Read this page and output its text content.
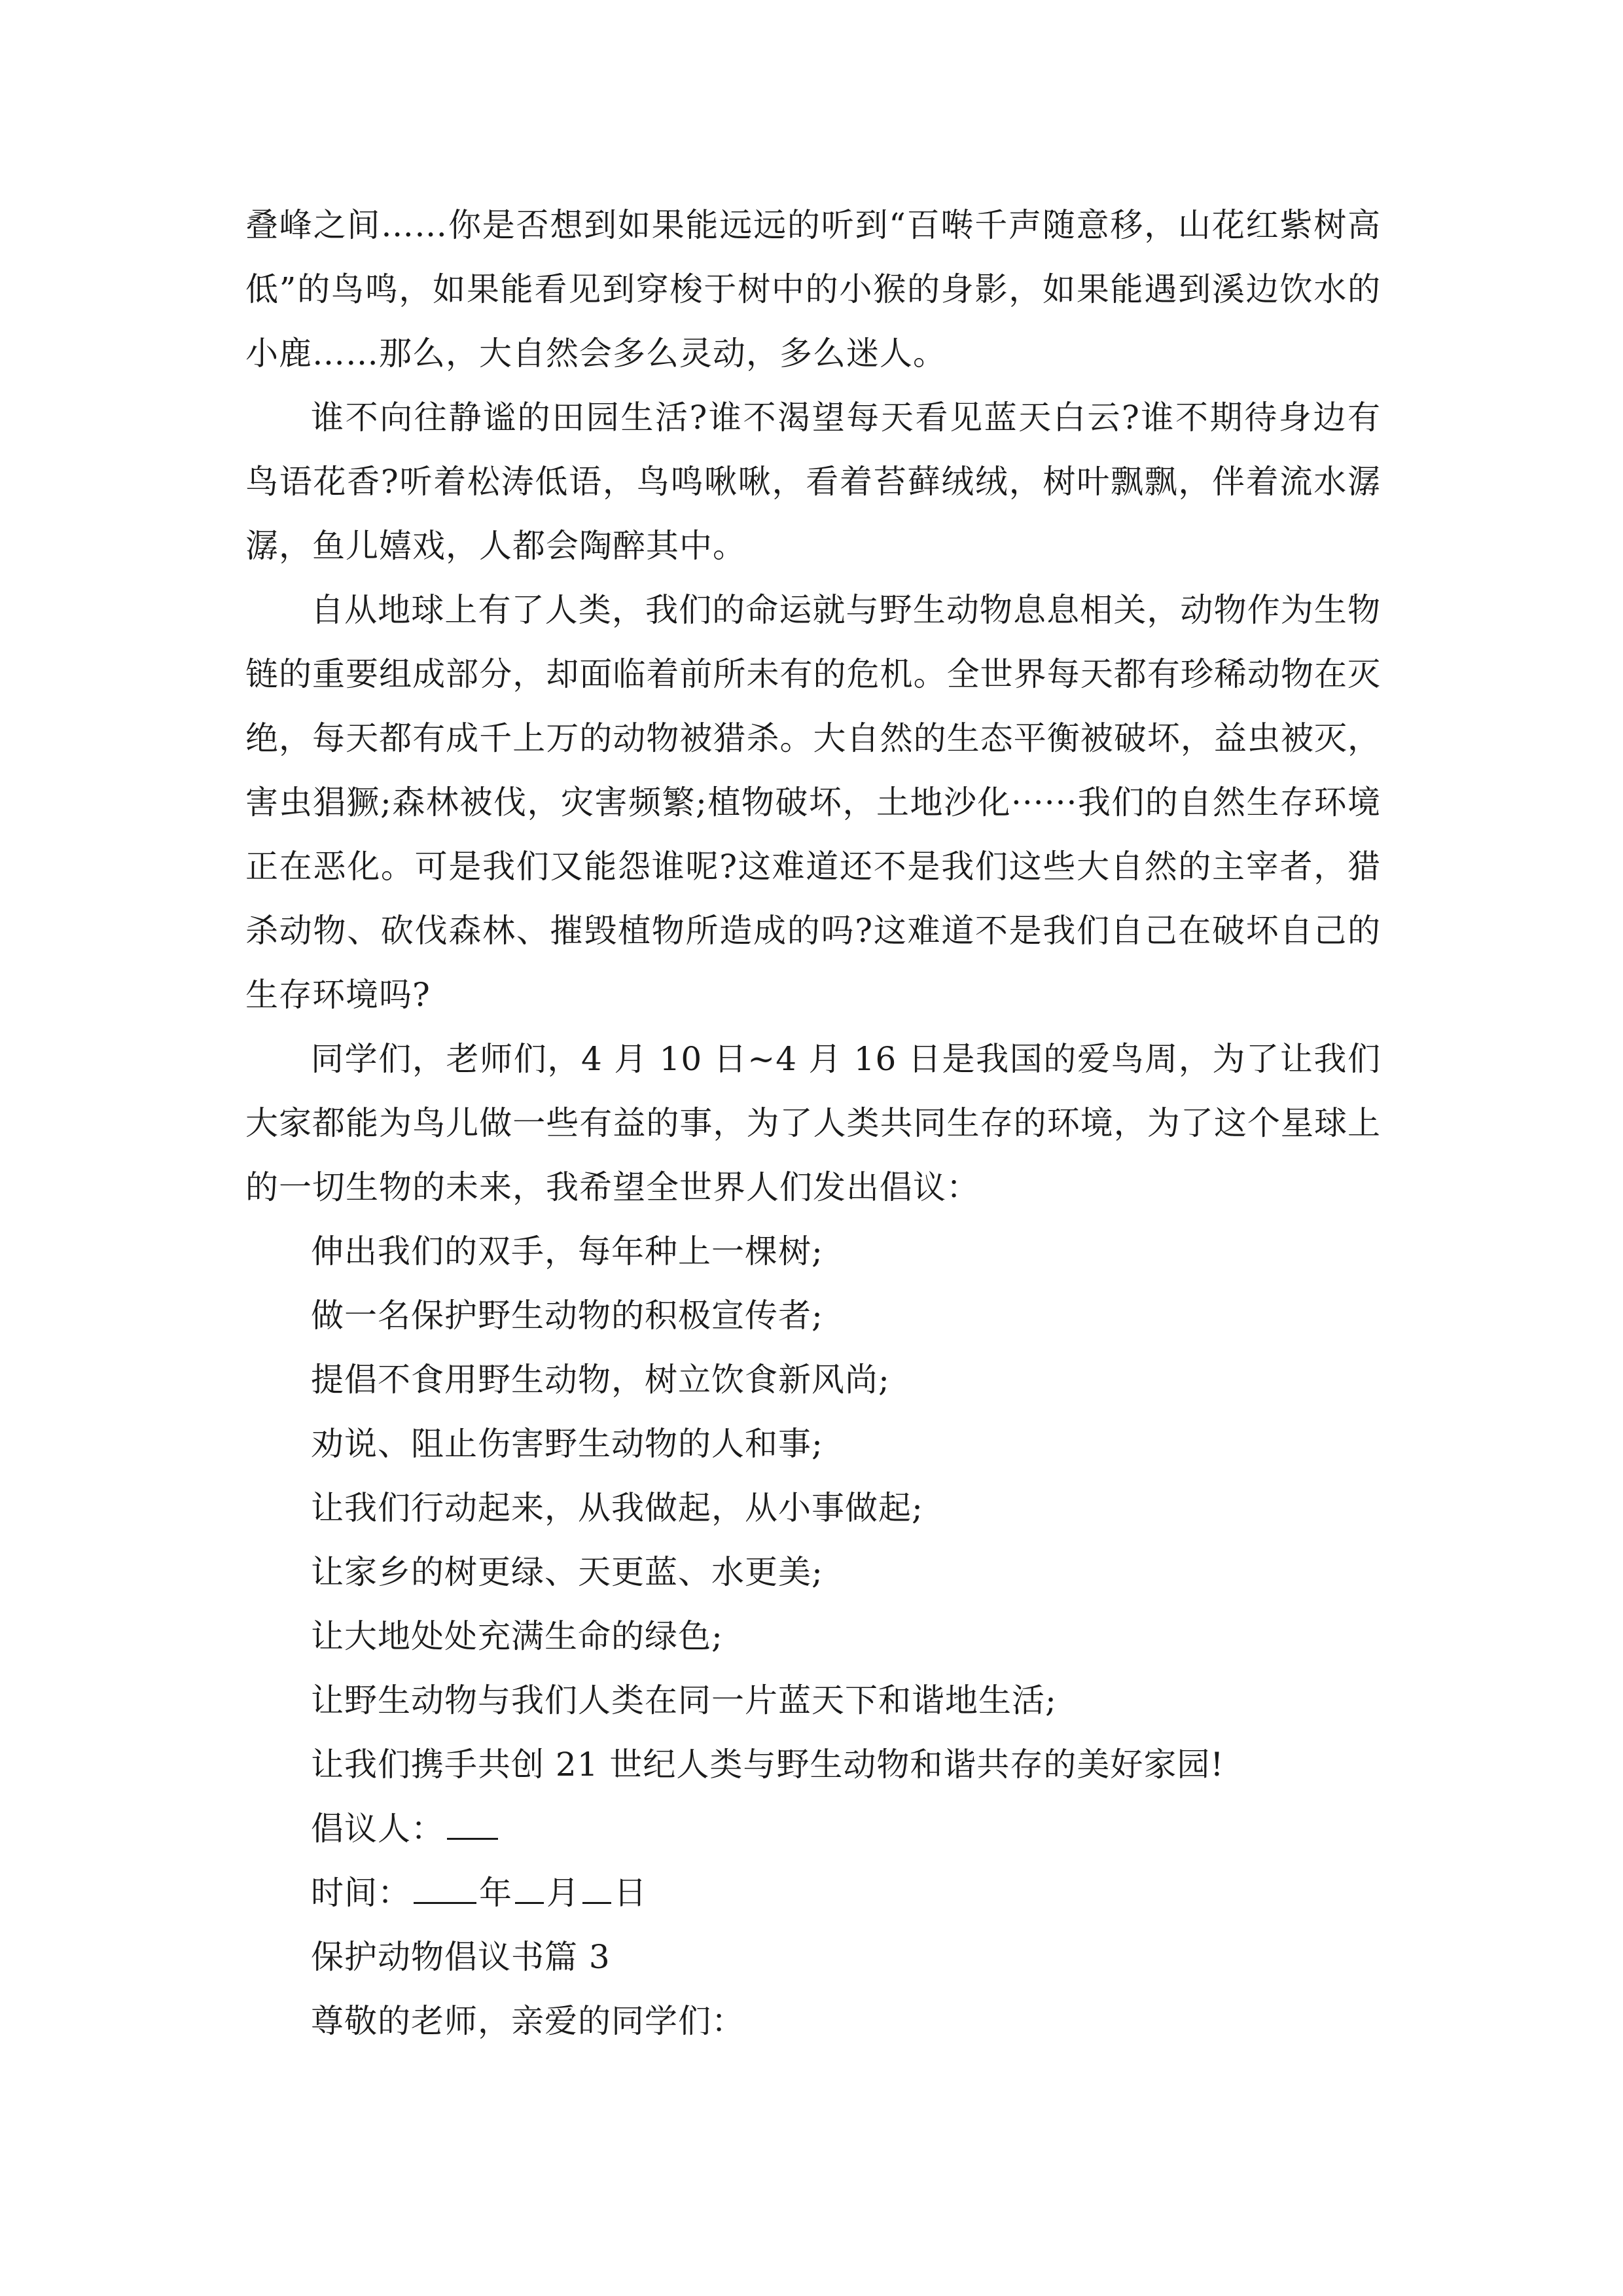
叠峰之间……你是否想到如果能远远的听到“百啭千声随意移，山花红紫树高低”的鸟鸣，如果能看见到穿梭于树中的小猴的身影，如果能遇到溪边饮水的小鹿……那么，大自然会多么灵动，多么迷人。

谁不向往静谧的田园生活?谁不渴望每天看见蓝天白云?谁不期待身边有鸟语花香?听着松涛低语，鸟鸣啾啾，看着苔藓绒绒，树叶飘飘，伴着流水潺潺，鱼儿嬉戏，人都会陶醉其中。

自从地球上有了人类，我们的命运就与野生动物息息相关，动物作为生物链的重要组成部分，却面临着前所未有的危机。全世界每天都有珍稀动物在灭绝，每天都有成千上万的动物被猎杀。大自然的生态平衡被破坏，益虫被灭，害虫猖獗;森林被伐，灾害频繁;植物破坏，土地沙化······我们的自然生存环境正在恶化。可是我们又能怨谁呢?这难道还不是我们这些大自然的主宰者，猎杀动物、砍伐森林、摧毁植物所造成的吗?这难道不是我们自己在破坏自己的生存环境吗?

同学们，老师们，4 月 10 日~4 月 16 日是我国的爱鸟周，为了让我们大家都能为鸟儿做一些有益的事，为了人类共同生存的环境，为了这个星球上的一切生物的未来，我希望全世界人们发出倡议：

伸出我们的双手，每年种上一棵树;

做一名保护野生动物的积极宣传者;

提倡不食用野生动物，树立饮食新风尚;

劝说、阻止伤害野生动物的人和事;

让我们行动起来，从我做起，从小事做起;

让家乡的树更绿、天更蓝、水更美;

让大地处处充满生命的绿色;

让野生动物与我们人类在同一片蓝天下和谐地生活;

让我们携手共创 21 世纪人类与野生动物和谐共存的美好家园!

倡议人：

时间： 年 月 日

保护动物倡议书篇 3

尊敬的老师，亲爱的同学们：
